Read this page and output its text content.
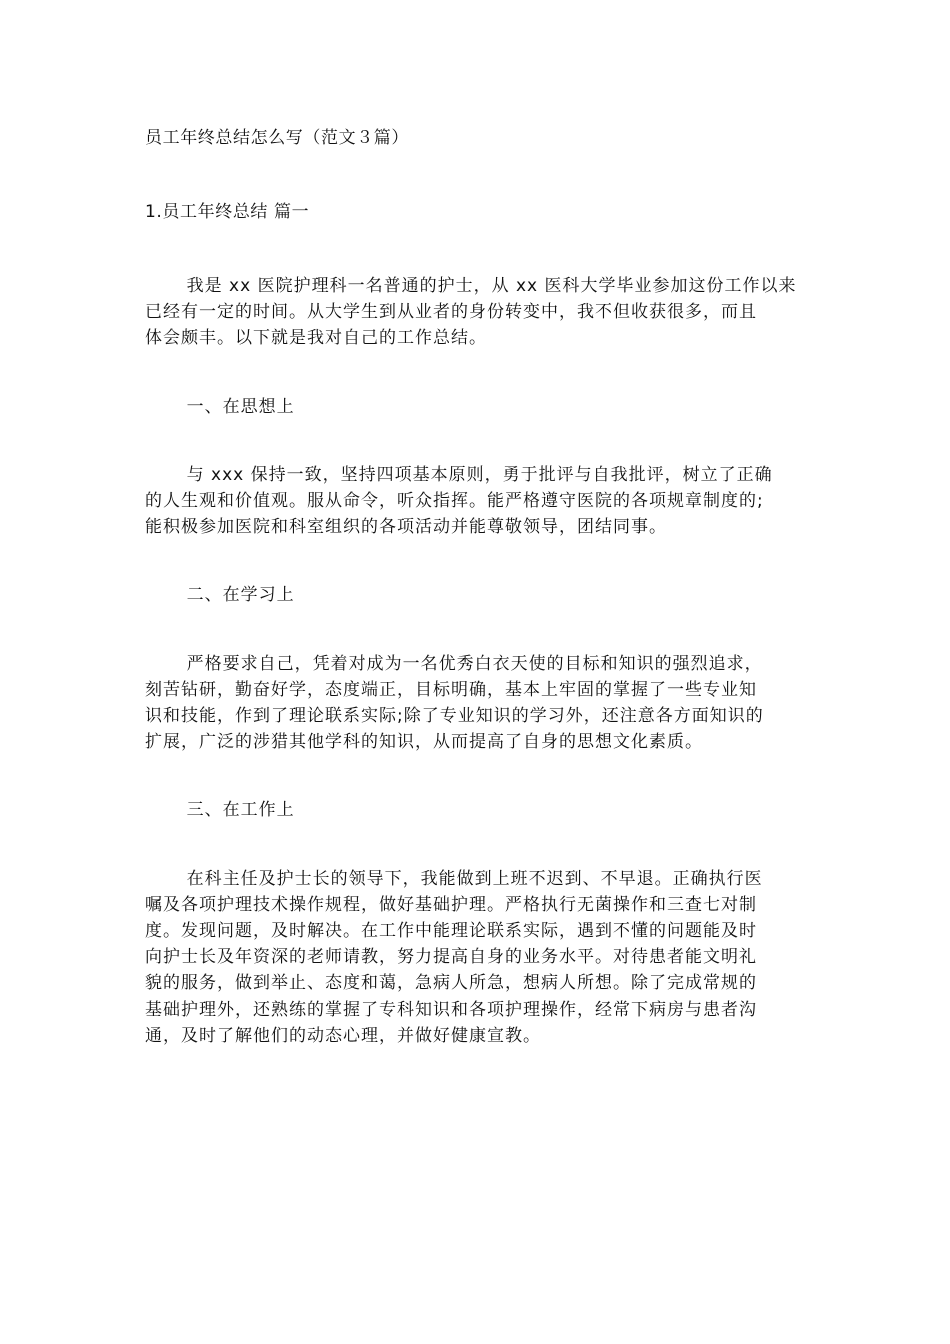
员工年终总结怎么写（范文３篇）
1.员工年终总结 篇一

我是 xx 医院护理科一名普通的护士，从 xx 医科大学毕业参加这份工作以来
已经有一定的时间。从大学生到从业者的身份转变中，我不但收获很多，而且
体会颇丰。以下就是我对自己的工作总结。

一、在思想上

与 xxx 保持一致，坚持四项基本原则，勇于批评与自我批评，树立了正确
的人生观和价值观。服从命令，听众指挥。能严格遵守医院的各项规章制度的;
能积极参加医院和科室组织的各项活动并能尊敬领导，团结同事。

二、在学习上

严格要求自己，凭着对成为一名优秀白衣天使的目标和知识的强烈追求，
刻苦钻研，勤奋好学，态度端正，目标明确，基本上牢固的掌握了一些专业知
识和技能，作到了理论联系实际;除了专业知识的学习外，还注意各方面知识的
扩展，广泛的涉猎其他学科的知识，从而提高了自身的思想文化素质。

三、在工作上

在科主任及护士长的领导下，我能做到上班不迟到、不早退。正确执行医
嘱及各项护理技术操作规程，做好基础护理。严格执行无菌操作和三查七对制
度。发现问题，及时解决。在工作中能理论联系实际，遇到不懂的问题能及时
向护士长及年资深的老师请教，努力提高自身的业务水平。对待患者能文明礼
貌的服务，做到举止、态度和蔼，急病人所急，想病人所想。除了完成常规的
基础护理外，还熟练的掌握了专科知识和各项护理操作，经常下病房与患者沟
通，及时了解他们的动态心理，并做好健康宣教。
